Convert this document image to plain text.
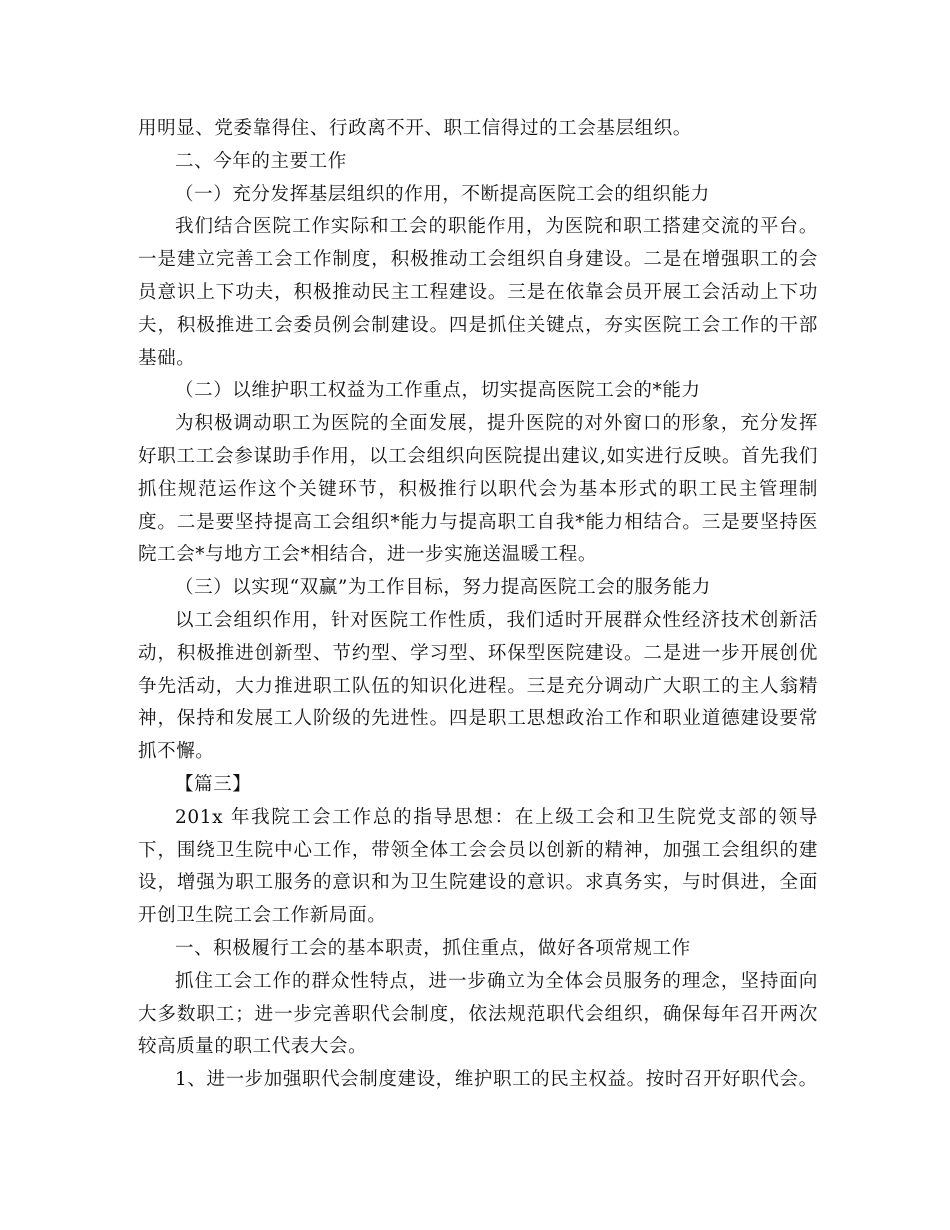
用明显、党委靠得住、行政离不开、职工信得过的工会基层组织。

二、今年的主要工作

（一）充分发挥基层组织的作用，不断提高医院工会的组织能力

我们结合医院工作实际和工会的职能作用，为医院和职工搭建交流的平台。一是建立完善工会工作制度，积极推动工会组织自身建设。二是在增强职工的会员意识上下功夫，积极推动民主工程建设。三是在依靠会员开展工会活动上下功夫，积极推进工会委员例会制建设。四是抓住关键点，夯实医院工会工作的干部基础。

（二）以维护职工权益为工作重点，切实提高医院工会的*能力

为积极调动职工为医院的全面发展，提升医院的对外窗口的形象，充分发挥好职工工会参谋助手作用，以工会组织向医院提出建议,如实进行反映。首先我们抓住规范运作这个关键环节，积极推行以职代会为基本形式的职工民主管理制度。二是要坚持提高工会组织*能力与提高职工自我*能力相结合。三是要坚持医院工会*与地方工会*相结合，进一步实施送温暖工程。

（三）以实现“双赢”为工作目标，努力提高医院工会的服务能力

以工会组织作用，针对医院工作性质，我们适时开展群众性经济技术创新活动，积极推进创新型、节约型、学习型、环保型医院建设。二是进一步开展创优争先活动，大力推进职工队伍的知识化进程。三是充分调动广大职工的主人翁精神，保持和发展工人阶级的先进性。四是职工思想政治工作和职业道德建设要常抓不懈。

【篇三】

201x 年我院工会工作总的指导思想：在上级工会和卫生院党支部的领导下，围绕卫生院中心工作，带领全体工会会员以创新的精神，加强工会组织的建设，增强为职工服务的意识和为卫生院建设的意识。求真务实，与时俱进，全面开创卫生院工会工作新局面。

一、积极履行工会的基本职责，抓住重点，做好各项常规工作

抓住工会工作的群众性特点，进一步确立为全体会员服务的理念，坚持面向大多数职工；进一步完善职代会制度，依法规范职代会组织，确保每年召开两次较高质量的职工代表大会。

1、进一步加强职代会制度建设，维护职工的民主权益。按时召开好职代会。
